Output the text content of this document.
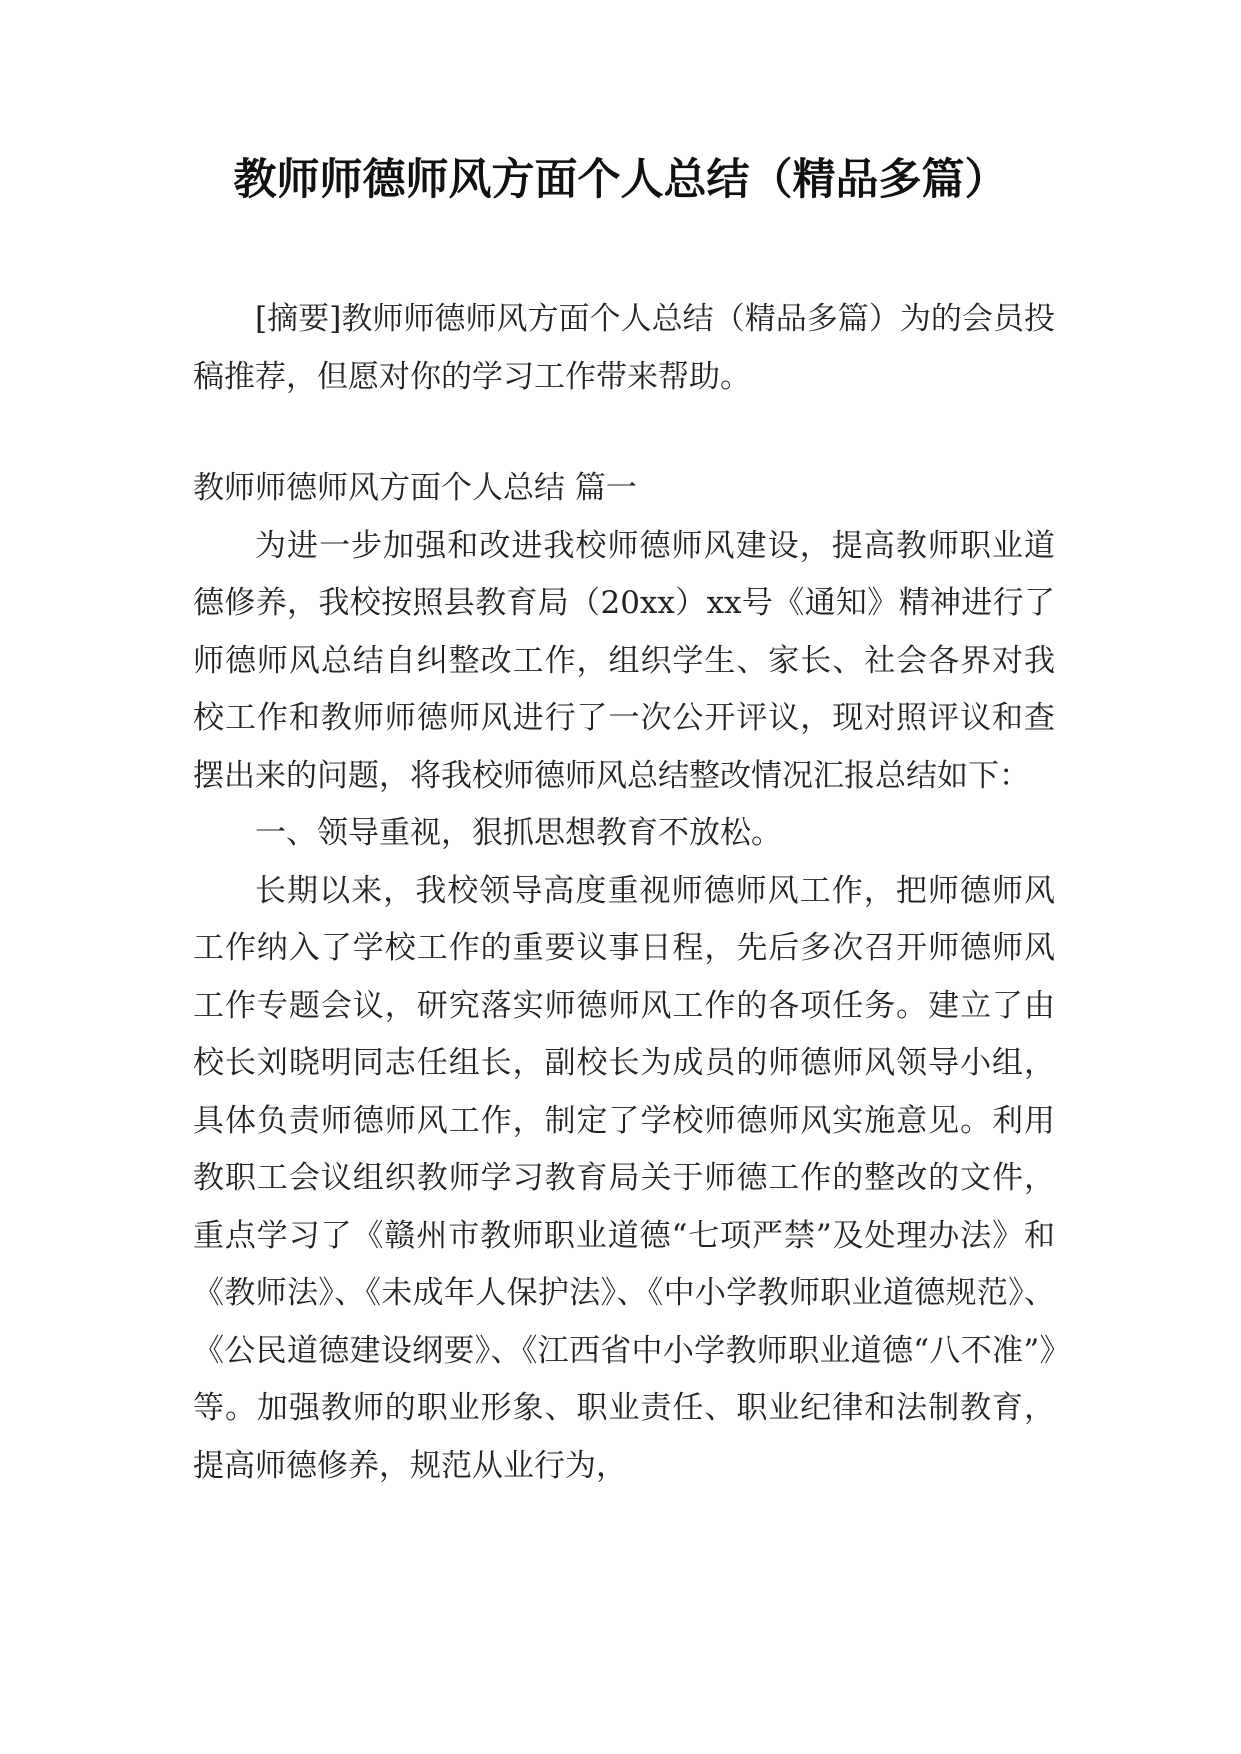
教师师德师风方面个人总结（精品多篇）

[摘要]教师师德师风方面个人总结（精品多篇）为的会员投稿推荐，但愿对你的学习工作带来帮助。

教师师德师风方面个人总结 篇一

为进一步加强和改进我校师德师风建设，提高教师职业道德修养，我校按照县教育局（20xx）xx号《通知》精神进行了师德师风总结自纠整改工作，组织学生、家长、社会各界对我校工作和教师师德师风进行了一次公开评议，现对照评议和查摆出来的问题，将我校师德师风总结整改情况汇报总结如下：

一、领导重视，狠抓思想教育不放松。

长期以来，我校领导高度重视师德师风工作，把师德师风工作纳入了学校工作的重要议事日程，先后多次召开师德师风工作专题会议，研究落实师德师风工作的各项任务。建立了由校长刘晓明同志任组长，副校长为成员的师德师风领导小组，具体负责师德师风工作，制定了学校师德师风实施意见。利用教职工会议组织教师学习教育局关于师德工作的整改的文件，重点学习了《赣州市教师职业道德“七项严禁”及处理办法》和《教师法》、《未成年人保护法》、《中小学教师职业道德规范》、《公民道德建设纲要》、《江西省中小学教师职业道德“八不准”》等。加强教师的职业形象、职业责任、职业纪律和法制教育，提高师德修养，规范从业行为，
